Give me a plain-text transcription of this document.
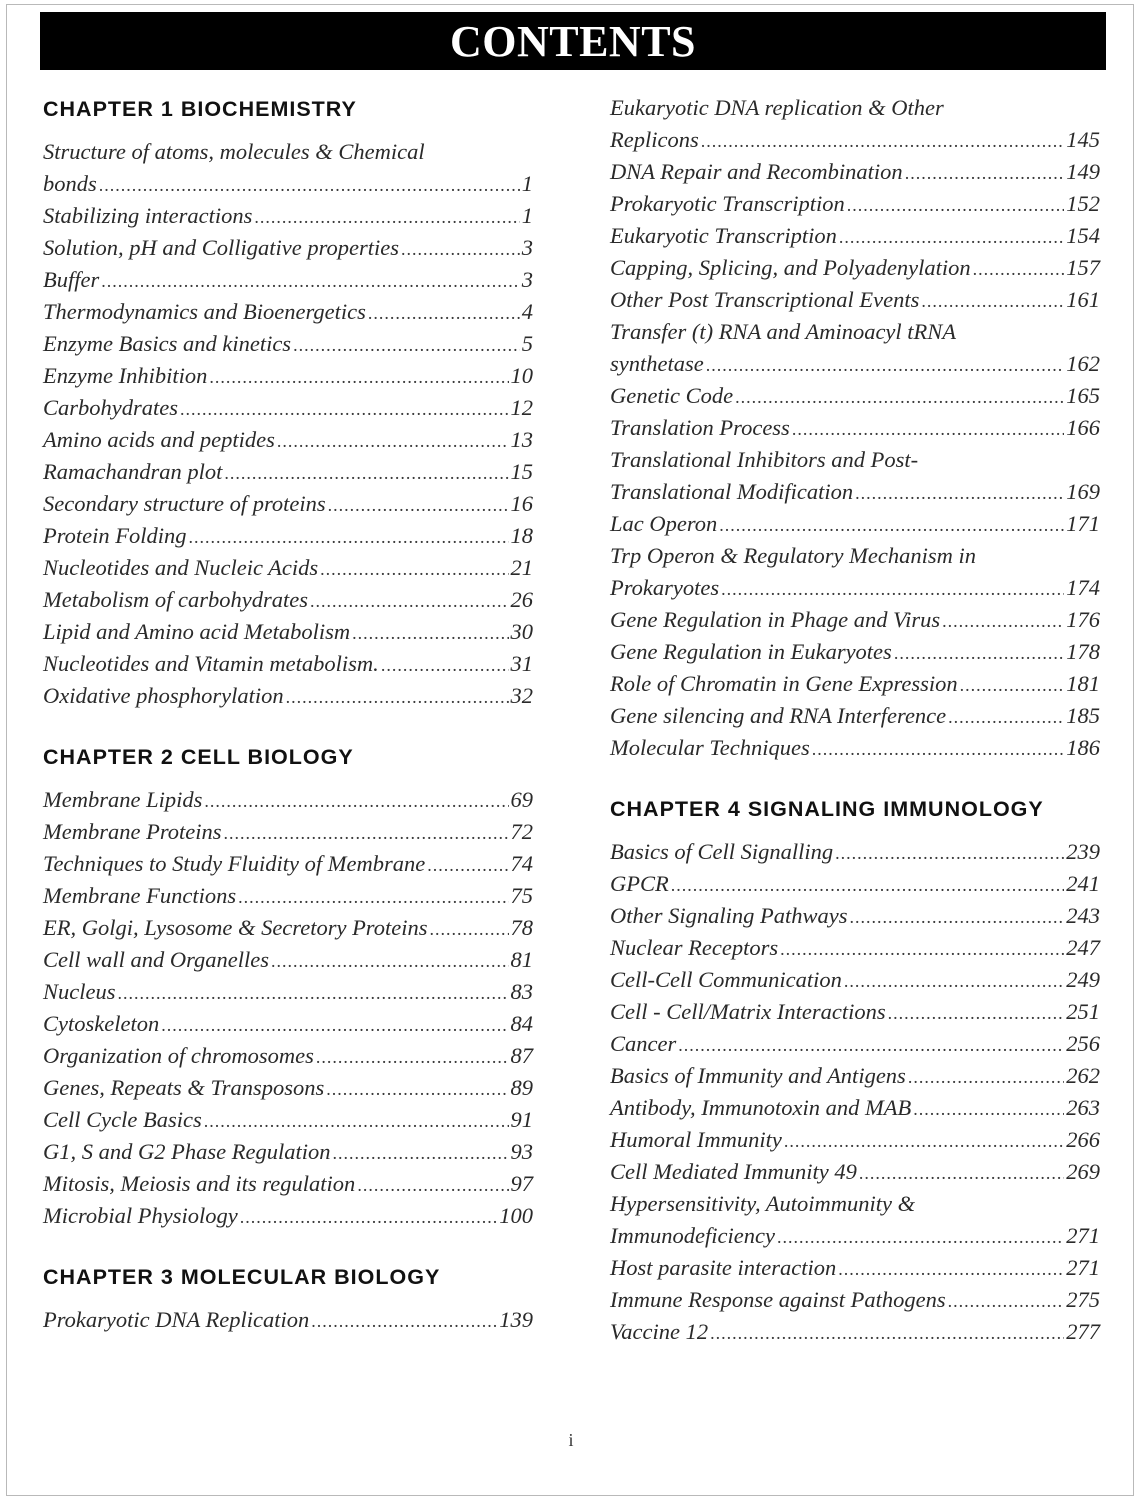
CONTENTS
CHAPTER 1 BIOCHEMISTRY
Structure of atoms, molecules & Chemical
bonds .....	1
Stabilizing interactions .....	1
Solution, pH and Colligative properties .....	3
Buffer .....	3
Thermodynamics and Bioenergetics .....	4
Enzyme Basics and kinetics .....	5
Enzyme Inhibition .....	10
Carbohydrates .....	12
Amino acids and peptides .....	13
Ramachandran plot .....	15
Secondary structure of proteins .....	16
Protein Folding .....	18
Nucleotides and Nucleic Acids .....	21
Metabolism of carbohydrates .....	26
Lipid and Amino acid Metabolism .....	30
Nucleotides and Vitamin metabolism. .....	31
Oxidative phosphorylation .....	32
CHAPTER 2 CELL BIOLOGY
Membrane Lipids .....	69
Membrane Proteins .....	72
Techniques to Study Fluidity of Membrane .....	74
Membrane Functions .....	75
ER, Golgi, Lysosome & Secretory Proteins .....	78
Cell wall and Organelles .....	81
Nucleus .....	83
Cytoskeleton .....	84
Organization of chromosomes .....	87
Genes, Repeats & Transposons .....	89
Cell Cycle Basics .....	91
G1, S and G2 Phase Regulation .....	93
Mitosis, Meiosis and its regulation .....	97
Microbial Physiology .....	100
CHAPTER 3 MOLECULAR BIOLOGY
Prokaryotic DNA Replication .....	139
Eukaryotic DNA replication & Other
Replicons .....	145
DNA Repair and Recombination .....	149
Prokaryotic Transcription .....	152
Eukaryotic Transcription .....	154
Capping, Splicing, and Polyadenylation .....	157
Other Post Transcriptional Events .....	161
Transfer (t) RNA and Aminoacyl tRNA
synthetase .....	162
Genetic Code .....	165
Translation Process .....	166
Translational Inhibitors and Post-
Translational Modification .....	169
Lac Operon .....	171
Trp Operon & Regulatory Mechanism in
Prokaryotes .....	174
Gene Regulation in Phage and Virus .....	176
Gene Regulation in Eukaryotes .....	178
Role of Chromatin in Gene Expression .....	181
Gene silencing and RNA Interference .....	185
Molecular Techniques .....	186
CHAPTER 4 SIGNALING IMMUNOLOGY
Basics of Cell Signalling .....	239
GPCR .....	241
Other Signaling Pathways .....	243
Nuclear Receptors .....	247
Cell-Cell Communication .....	249
Cell - Cell/Matrix Interactions .....	251
Cancer .....	256
Basics of Immunity and Antigens .....	262
Antibody, Immunotoxin and MAB .....	263
Humoral Immunity .....	266
Cell Mediated Immunity 49 .....	269
Hypersensitivity, Autoimmunity &
Immunodeficiency .....	271
Host parasite interaction .....	271
Immune Response against Pathogens .....	275
Vaccine 12 .....	277
i
